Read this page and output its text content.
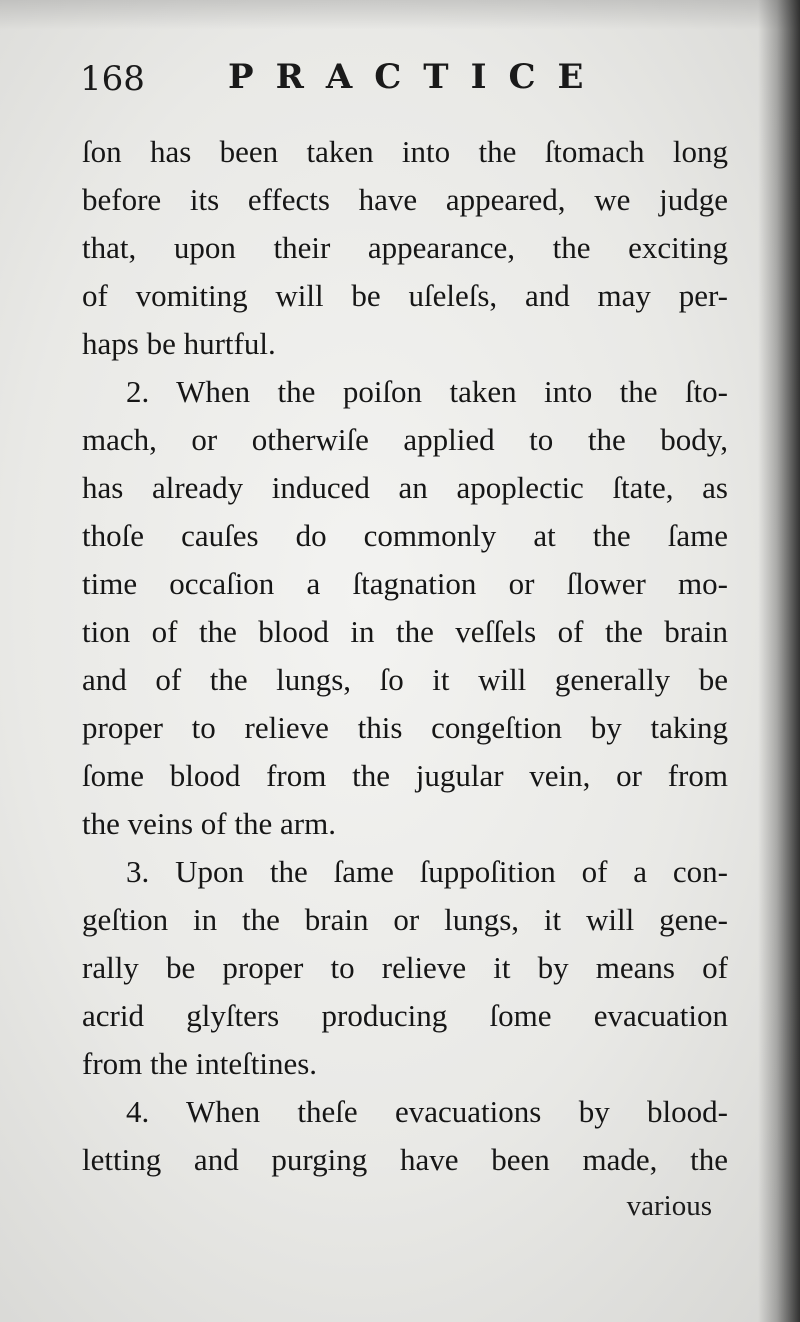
168 PRACTICE
ſon has been taken into the ſtomach long
before its effects have appeared, we judge
that, upon their appearance, the exciting
of vomiting will be uſeleſs, and may per-
haps be hurtful.
2. When the poiſon taken into the ſto-
mach, or otherwiſe applied to the body,
has already induced an apoplectic ſtate, as
thoſe cauſes do commonly at the ſame
time occaſion a ſtagnation or ſlower mo-
tion of the blood in the veſſels of the brain
and of the lungs, ſo it will generally be
proper to relieve this congeſtion by taking
ſome blood from the jugular vein, or from
the veins of the arm.
3. Upon the ſame ſuppoſition of a con-
geſtion in the brain or lungs, it will gene-
rally be proper to relieve it by means of
acrid glyſters producing ſome evacuation
from the inteſtines.
4. When theſe evacuations by blood-
letting and purging have been made, the
various
